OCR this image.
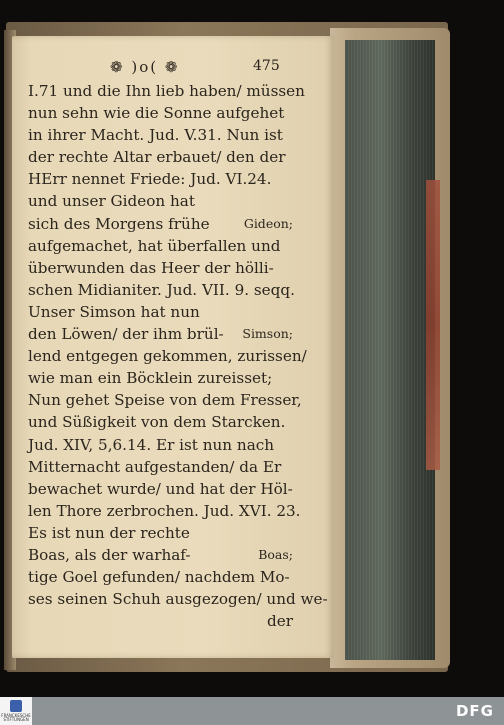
❁ )o( ❁	475
I.71 und die Ihn lieb haben/ müssen
nun sehn wie die Sonne aufgehet
in ihrer Macht. Jud. V.31. Nun ist
der rechte Altar erbauet/ den der
HErr nennet Friede: Jud. VI.24.
und unser Gideon hat
sich des Morgens frühe	Gideon;
aufgemachet, hat überfallen und
überwunden das Heer der hölli-
schen Midianiter. Jud. VII. 9. seqq.
Unser Simson hat nun
den Löwen/ der ihm brül- Simson;
lend entgegen gekommen, zurissen/
wie man ein Böcklein zureisset;
Nun gehet Speise von dem Fresser,
und Süßigkeit von dem Starcken.
Jud. XIV, 5,6.14. Er ist nun nach
Mitternacht aufgestanden/ da Er
bewachet wurde/ und hat der Höl-
len Thore zerbrochen. Jud. XVI. 23.
Es ist nun der rechte
Boas, als der warhaf-	Boas;
tige Goel gefunden/ nachdem Mo-
ses seinen Schuh ausgezogen/ und we-
der
FRANCKESCHE STIFTUNGEN	DFG
